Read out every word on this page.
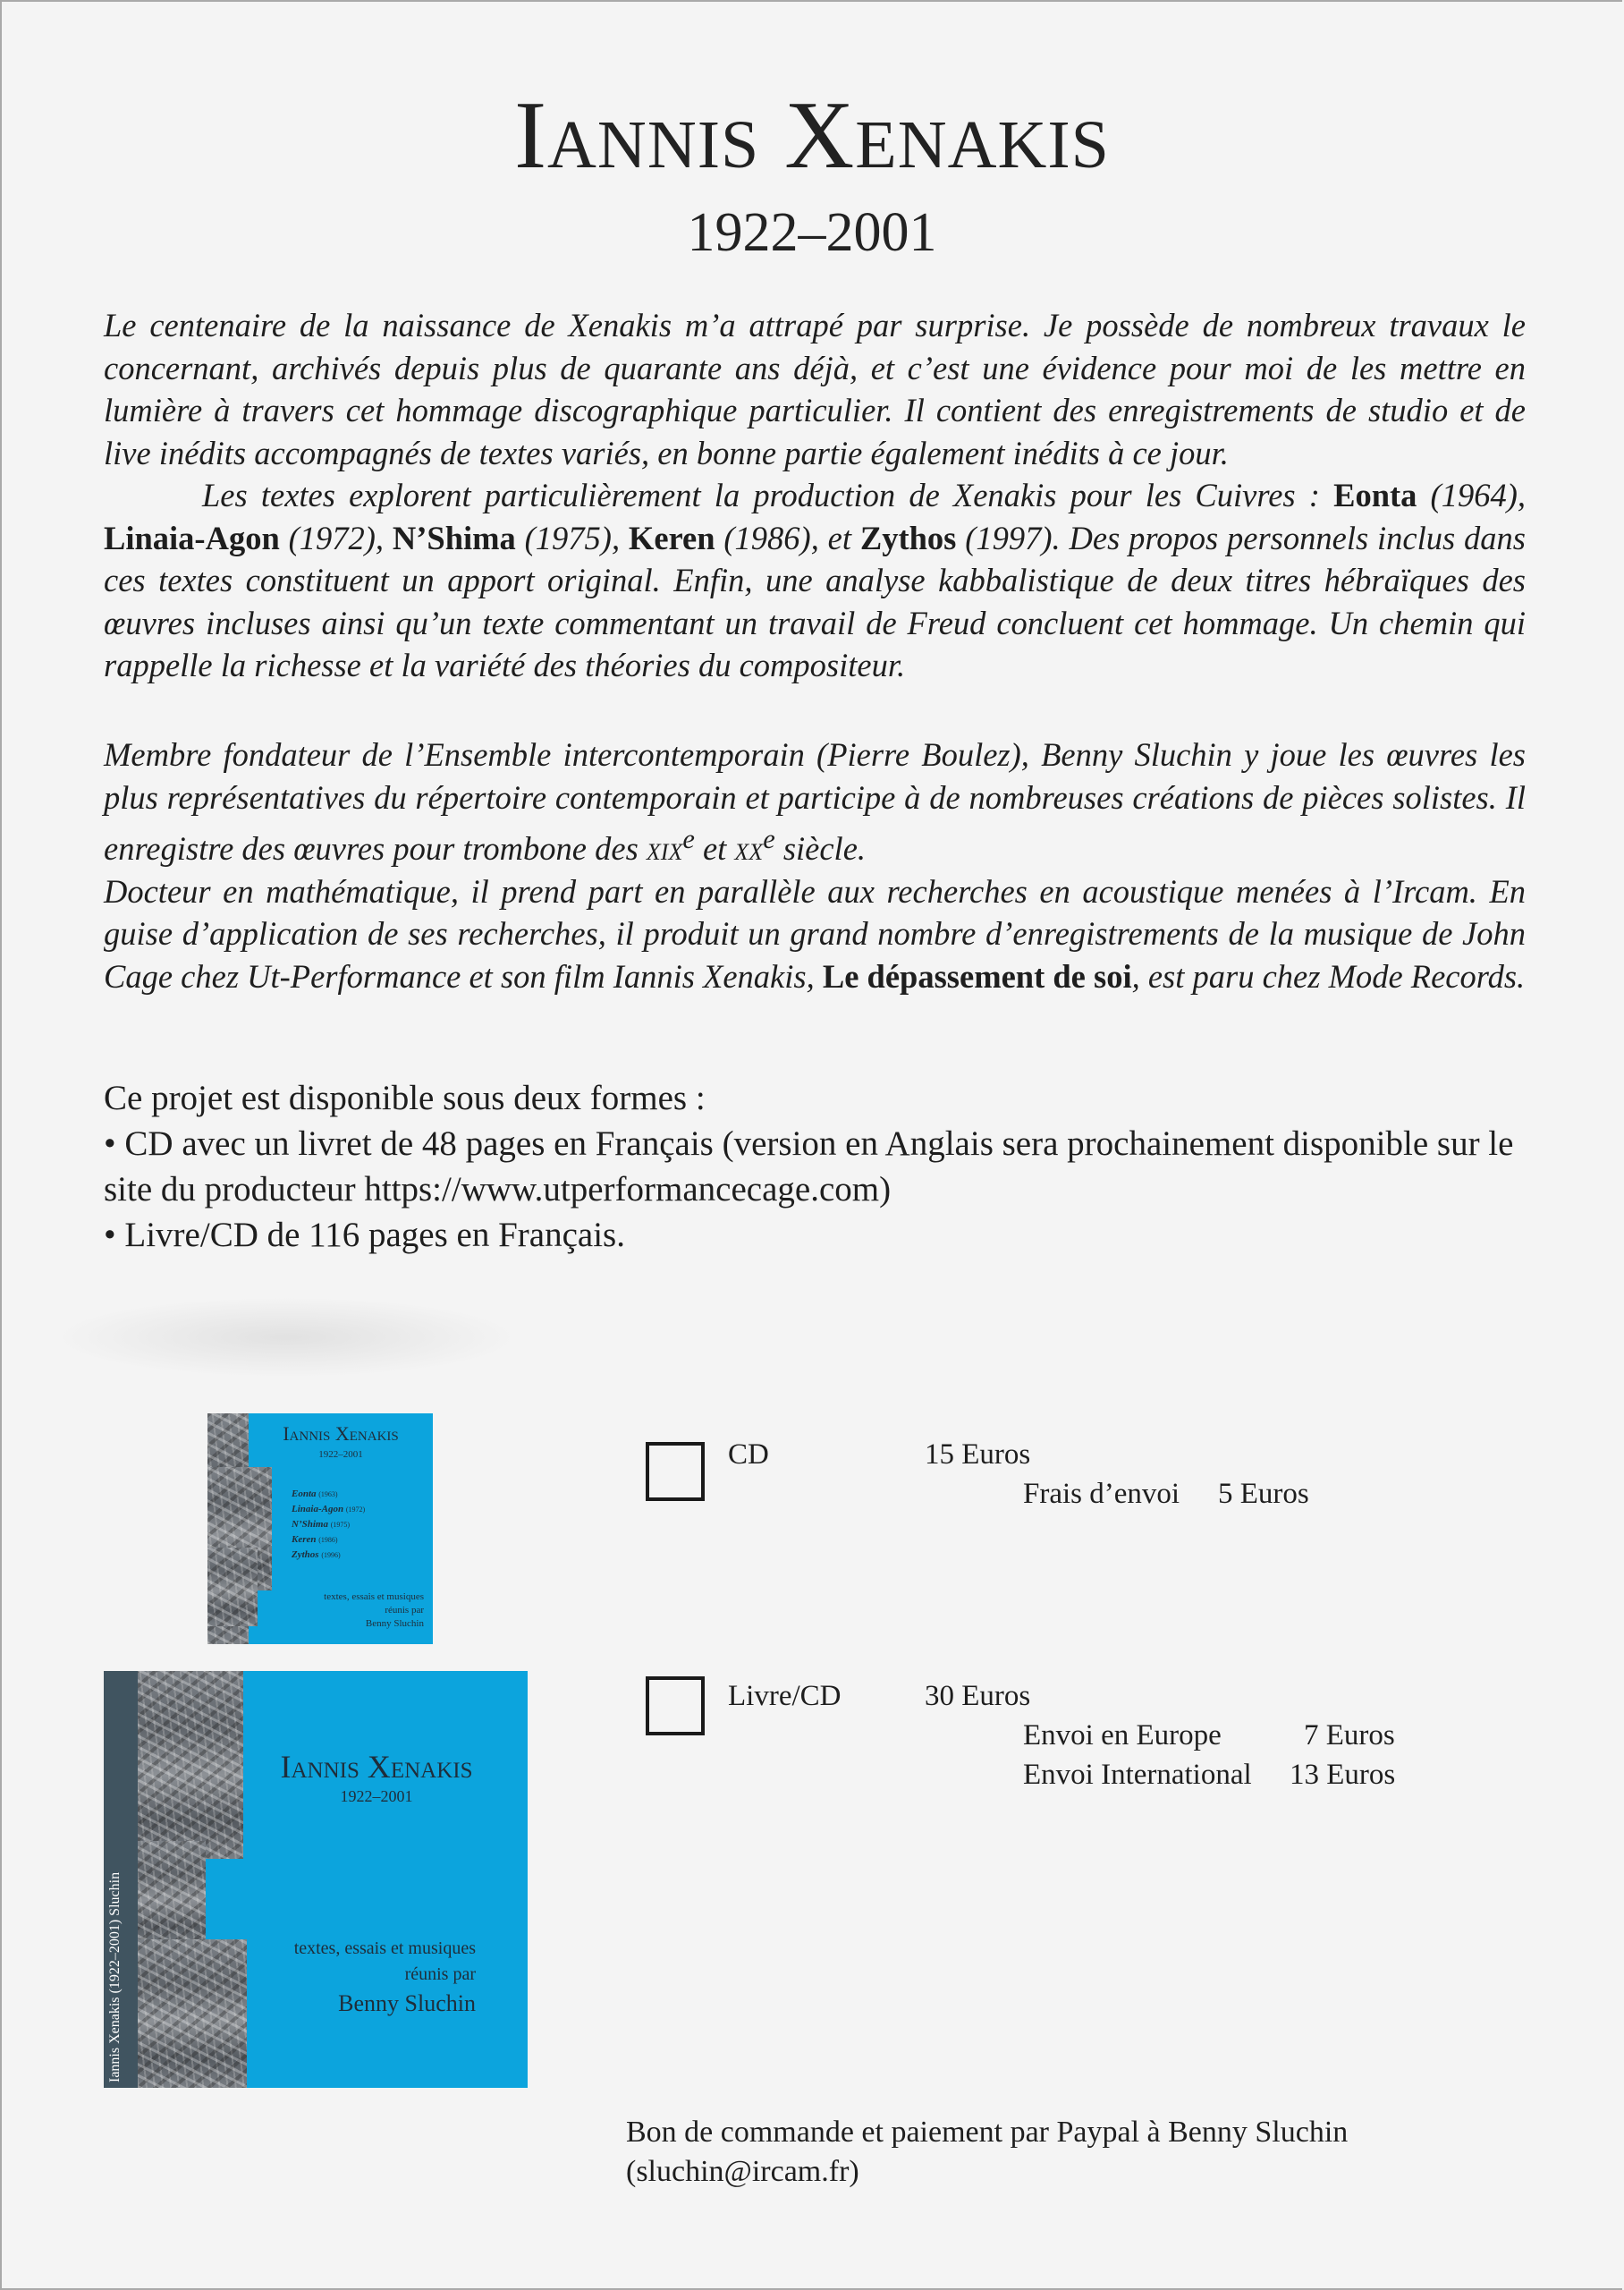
Iannis Xenakis
1922–2001

Le centenaire de la naissance de Xenakis m’a attrapé par surprise. Je possède de nombreux travaux le concernant, archivés depuis plus de quarante ans déjà, et c’est une évidence pour moi de les mettre en lumière à travers cet hommage discographique particulier. Il contient des enregistrements de studio et de live inédits accompagnés de textes variés, en bonne partie également inédits à ce jour.

Les textes explorent particulièrement la production de Xenakis pour les Cuivres : Eonta (1964), Linaia-Agon (1972), N’Shima (1975), Keren (1986), et Zythos (1997). Des propos personnels inclus dans ces textes constituent un apport original. Enfin, une analyse kabbalistique de deux titres hébraïques des œuvres incluses ainsi qu’un texte commentant un travail de Freud concluent cet hommage. Un chemin qui rappelle la richesse et la variété des théories du compositeur.

Membre fondateur de l’Ensemble intercontemporain (Pierre Boulez), Benny Sluchin y joue les œuvres les plus représentatives du répertoire contemporain et participe à de nombreuses créations de pièces solistes. Il enregistre des œuvres pour trombone des xix$^e$ et $xx^e$ siècle.

Docteur en mathématique, il prend part en parallèle aux recherches en acoustique menées à l’Ircam. En guise d’application de ses recherches, il produit un grand nombre d’enregistrements de la musique de John Cage chez Ut-Performance et son film Iannis Xenakis, Le dépassement de soi, est paru chez Mode Records.

Ce projet est disponible sous deux formes :

• CD avec un livret de 48 pages en Français (version en Anglais sera prochainement disponible sur le site du producteur https://www.utperformancecage.com)

• Livre/CD de 116 pages en Français.

Iannis Xenakis
1922–2001
Eonta (1963)
Linaia-Agon (1972)
N’Shima (1975)
Keren (1986)
Zythos (1996)
textes, essais et musiques
réunis par
Benny Sluchin
Iannis Xenakis (1922–2001) Sluchin
Iannis Xenakis
1922–2001
textes, essais et musiques
réunis par
Benny Sluchin
CD	15 Euros
Frais d’envoi 5 Euros
Livre/CD	30 Euros
Envoi en Europe	7 Euros
Envoi International 13 Euros
Bon de commande et paiement par Paypal à Benny Sluchin
(sluchin@ircam.fr)
